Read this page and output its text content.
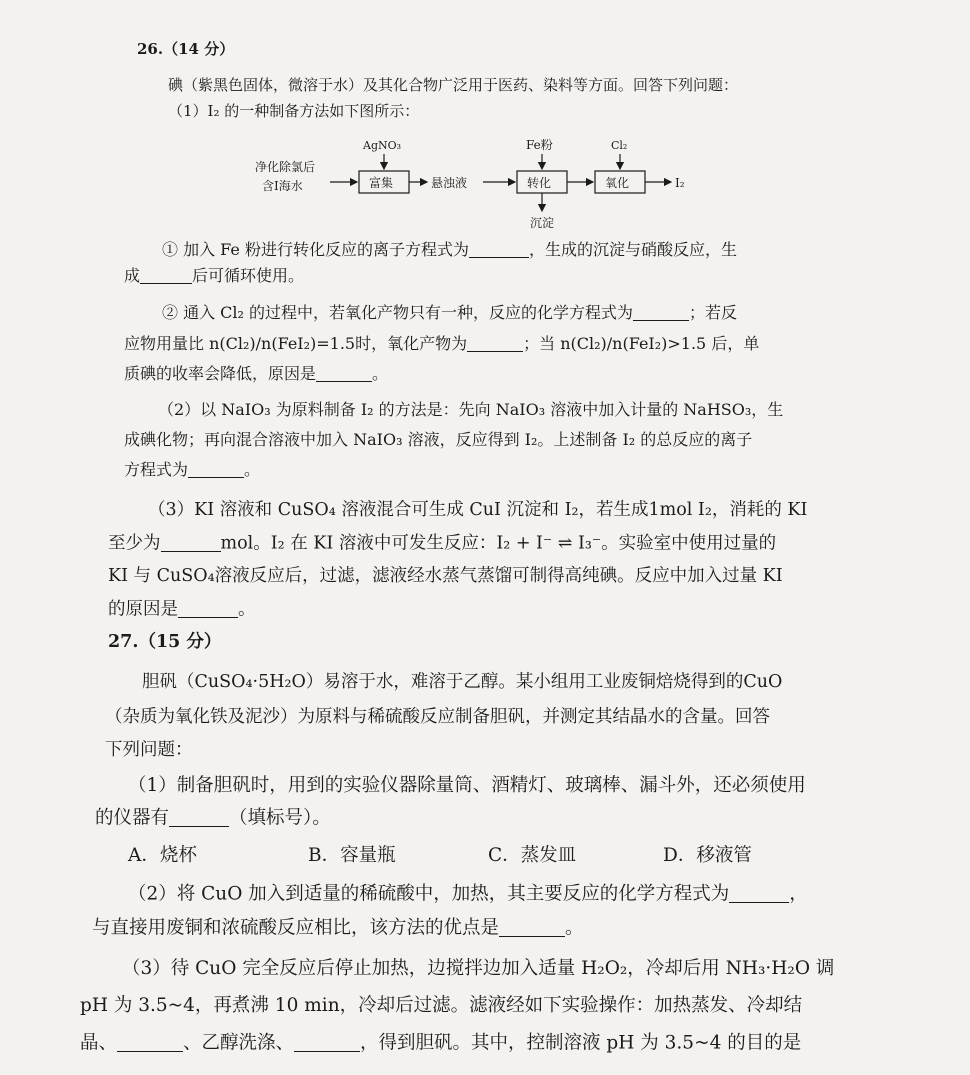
26.（14 分）
碘（紫黑色固体，微溶于水）及其化合物广泛用于医药、染料等方面。回答下列问题：
（1）I₂ 的一种制备方法如下图所示：
净化除氯后
含I海水	富集
AgNO₃
悬浊液	转化
Fe粉
沉淀
氧化
Cl₂
I₂
① 加入 Fe 粉进行转化反应的离子方程式为	，生成的沉淀与硝酸反应，生
成	后可循环使用。
② 通入 Cl₂ 的过程中，若氧化产物只有一种，反应的化学方程式为	；若反
应物用量比 n(Cl₂)/n(FeI₂)=1.5时，氧化产物为	；当 n(Cl₂)/n(FeI₂)>1.5 后，单
质碘的收率会降低，原因是	。
（2）以 NaIO₃ 为原料制备 I₂ 的方法是：先向 NaIO₃ 溶液中加入计量的 NaHSO₃，生
成碘化物；再向混合溶液中加入 NaIO₃ 溶液，反应得到 I₂。上述制备 I₂ 的总反应的离子
方程式为	。
（3）KI 溶液和 CuSO₄ 溶液混合可生成 CuI 沉淀和 I₂，若生成1mol I₂，消耗的 KI
至少为	mol。I₂ 在 KI 溶液中可发生反应：I₂ + I⁻ ⇌ I₃⁻。实验室中使用过量的
KI 与 CuSO₄溶液反应后，过滤，滤液经水蒸气蒸馏可制得高纯碘。反应中加入过量 KI
的原因是	。
27.（15 分）
胆矾（CuSO₄·5H₂O）易溶于水，难溶于乙醇。某小组用工业废铜焙烧得到的CuO
（杂质为氧化铁及泥沙）为原料与稀硫酸反应制备胆矾，并测定其结晶水的含量。回答
下列问题：
（1）制备胆矾时，用到的实验仪器除量筒、酒精灯、玻璃棒、漏斗外，还必须使用
的仪器有	（填标号）。
A．烧杯	B．容量瓶	C．蒸发皿	D．移液管
（2）将 CuO 加入到适量的稀硫酸中，加热，其主要反应的化学方程式为	，
与直接用废铜和浓硫酸反应相比，该方法的优点是	。
（3）待 CuO 完全反应后停止加热，边搅拌边加入适量 H₂O₂，冷却后用 NH₃·H₂O 调
pH 为 3.5~4，再煮沸 10 min，冷却后过滤。滤液经如下实验操作：加热蒸发、冷却结
晶、	、乙醇洗涤、	，得到胆矾。其中，控制溶液 pH 为 3.5~4 的目的是
